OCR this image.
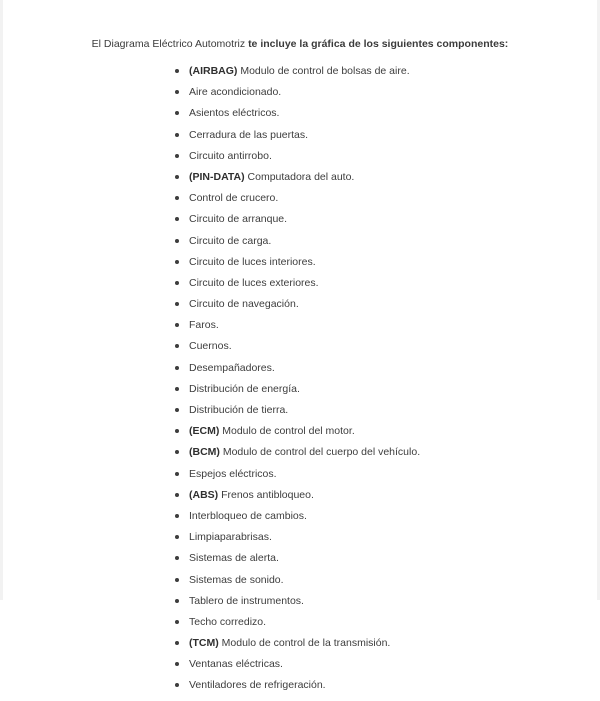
El Diagrama Eléctrico Automotriz te incluye la gráfica de los siguientes componentes:

(AIRBAG) Modulo de control de bolsas de aire.
Aire acondicionado.
Asientos eléctricos.
Cerradura de las puertas.
Circuito antirrobo.
(PIN-DATA) Computadora del auto.
Control de crucero.
Circuito de arranque.
Circuito de carga.
Circuito de luces interiores.
Circuito de luces exteriores.
Circuito de navegación.
Faros.
Cuernos.
Desempañadores.
Distribución de energía.
Distribución de tierra.
(ECM) Modulo de control del motor.
(BCM) Modulo de control del cuerpo del vehículo.
Espejos eléctricos.
(ABS) Frenos antibloqueo.
Interbloqueo de cambios.
Limpiaparabrisas.
Sistemas de alerta.
Sistemas de sonido.
Tablero de instrumentos.
Techo corredizo.
(TCM) Modulo de control de la transmisión.
Ventanas eléctricas.
Ventiladores de refrigeración.
